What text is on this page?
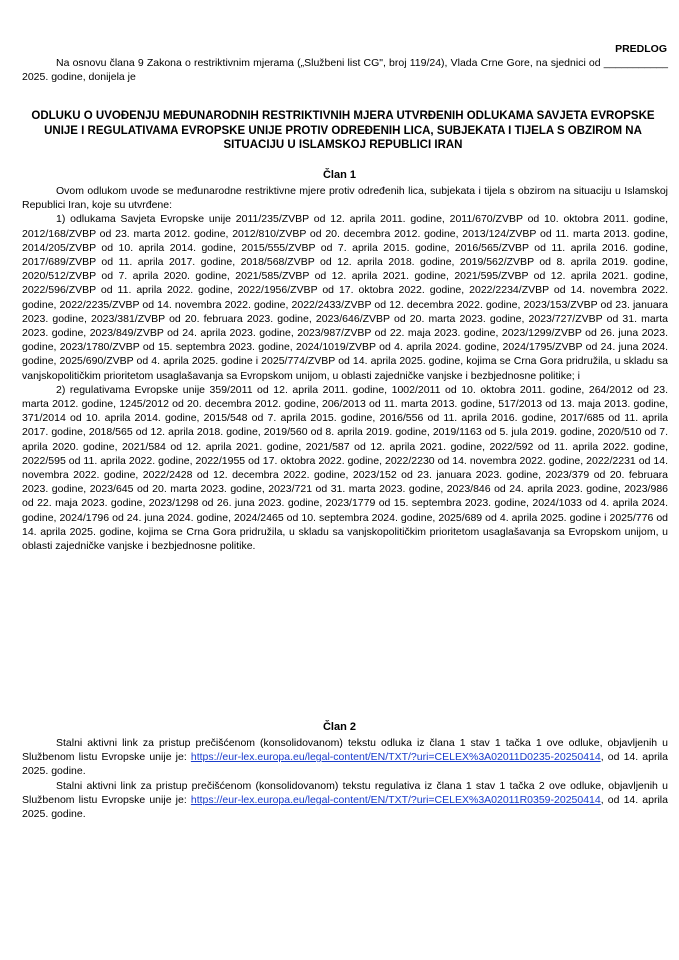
PREDLOG

Na osnovu člana 9 Zakona o restriktivnim mjerama („Službeni list CG", broj 119/24), Vlada Crne Gore, na sjednici od ___________ 2025. godine, donijela je

ODLUKU O UVOĐENJU MEĐUNARODNIH RESTRIKTIVNIH MJERA UTVRĐENIH ODLUKAMA SAVJETA EVROPSKE UNIJE I REGULATIVAMA EVROPSKE UNIJE PROTIV ODREĐENIH LICA, SUBJEKATA I TIJELA S OBZIROM NA SITUACIJU U ISLAMSKOJ REPUBLICI IRAN
Član 1

Ovom odlukom uvode se međunarodne restriktivne mjere protiv određenih lica, subjekata i tijela s obzirom na situaciju u Islamskoj Republici Iran, koje su utvrđene:

1) odlukama Savjeta Evropske unije 2011/235/ZVBP od 12. aprila 2011. godine, 2011/670/ZVBP od 10. oktobra 2011. godine, 2012/168/ZVBP od 23. marta 2012. godine, 2012/810/ZVBP od 20. decembra 2012. godine, 2013/124/ZVBP od 11. marta 2013. godine, 2014/205/ZVBP od 10. aprila 2014. godine, 2015/555/ZVBP od 7. aprila 2015. godine, 2016/565/ZVBP od 11. aprila 2016. godine, 2017/689/ZVBP od 11. aprila 2017. godine, 2018/568/ZVBP od 12. aprila 2018. godine, 2019/562/ZVBP od 8. aprila 2019. godine, 2020/512/ZVBP od 7. aprila 2020. godine, 2021/585/ZVBP od 12. aprila 2021. godine, 2021/595/ZVBP od 12. aprila 2021. godine, 2022/596/ZVBP od 11. aprila 2022. godine, 2022/1956/ZVBP od 17. oktobra 2022. godine, 2022/2234/ZVBP od 14. novembra 2022. godine, 2022/2235/ZVBP od 14. novembra 2022. godine, 2022/2433/ZVBP od 12. decembra 2022. godine, 2023/153/ZVBP od 23. januara 2023. godine, 2023/381/ZVBP od 20. februara 2023. godine, 2023/646/ZVBP od 20. marta 2023. godine, 2023/727/ZVBP od 31. marta 2023. godine, 2023/849/ZVBP od 24. aprila 2023. godine, 2023/987/ZVBP od 22. maja 2023. godine, 2023/1299/ZVBP od 26. juna 2023. godine, 2023/1780/ZVBP od 15. septembra 2023. godine, 2024/1019/ZVBP od 4. aprila 2024. godine, 2024/1795/ZVBP od 24. juna 2024. godine, 2025/690/ZVBP od 4. aprila 2025. godine i 2025/774/ZVBP od 14. aprila 2025. godine, kojima se Crna Gora pridružila, u skladu sa vanjskopolitičkim prioritetom usaglašavanja sa Evropskom unijom, u oblasti zajedničke vanjske i bezbjednosne politike; i

2) regulativama Evropske unije 359/2011 od 12. aprila 2011. godine, 1002/2011 od 10. oktobra 2011. godine, 264/2012 od 23. marta 2012. godine, 1245/2012 od 20. decembra 2012. godine, 206/2013 od 11. marta 2013. godine, 517/2013 od 13. maja 2013. godine, 371/2014 od 10. aprila 2014. godine, 2015/548 od 7. aprila 2015. godine, 2016/556 od 11. aprila 2016. godine, 2017/685 od 11. aprila 2017. godine, 2018/565 od 12. aprila 2018. godine, 2019/560 od 8. aprila 2019. godine, 2019/1163 od 5. jula 2019. godine, 2020/510 od 7. aprila 2020. godine, 2021/584 od 12. aprila 2021. godine, 2021/587 od 12. aprila 2021. godine, 2022/592 od 11. aprila 2022. godine, 2022/595 od 11. aprila 2022. godine, 2022/1955 od 17. oktobra 2022. godine, 2022/2230 od 14. novembra 2022. godine, 2022/2231 od 14. novembra 2022. godine, 2022/2428 od 12. decembra 2022. godine, 2023/152 od 23. januara 2023. godine, 2023/379 od 20. februara 2023. godine, 2023/645 od 20. marta 2023. godine, 2023/721 od 31. marta 2023. godine, 2023/846 od 24. aprila 2023. godine, 2023/986 od 22. maja 2023. godine, 2023/1298 od 26. juna 2023. godine, 2023/1779 od 15. septembra 2023. godine, 2024/1033 od 4. aprila 2024. godine, 2024/1796 od 24. juna 2024. godine, 2024/2465 od 10. septembra 2024. godine, 2025/689 od 4. aprila 2025. godine i 2025/776 od 14. aprila 2025. godine, kojima se Crna Gora pridružila, u skladu sa vanjskopolitičkim prioritetom usaglašavanja sa Evropskom unijom, u oblasti zajedničke vanjske i bezbjednosne politike.

Član 2

Stalni aktivni link za pristup prečišćenom (konsolidovanom) tekstu odluka iz člana 1 stav 1 tačka 1 ove odluke, objavljenih u Službenom listu Evropske unije je: https://eur-lex.europa.eu/legal-content/EN/TXT/?uri=CELEX%3A02011D0235-20250414, od 14. aprila 2025. godine.

Stalni aktivni link za pristup prečišćenom (konsolidovanom) tekstu regulativa iz člana 1 stav 1 tačka 2 ove odluke, objavljenih u Službenom listu Evropske unije je: https://eur-lex.europa.eu/legal-content/EN/TXT/?uri=CELEX%3A02011R0359-20250414, od 14. aprila 2025. godine.
